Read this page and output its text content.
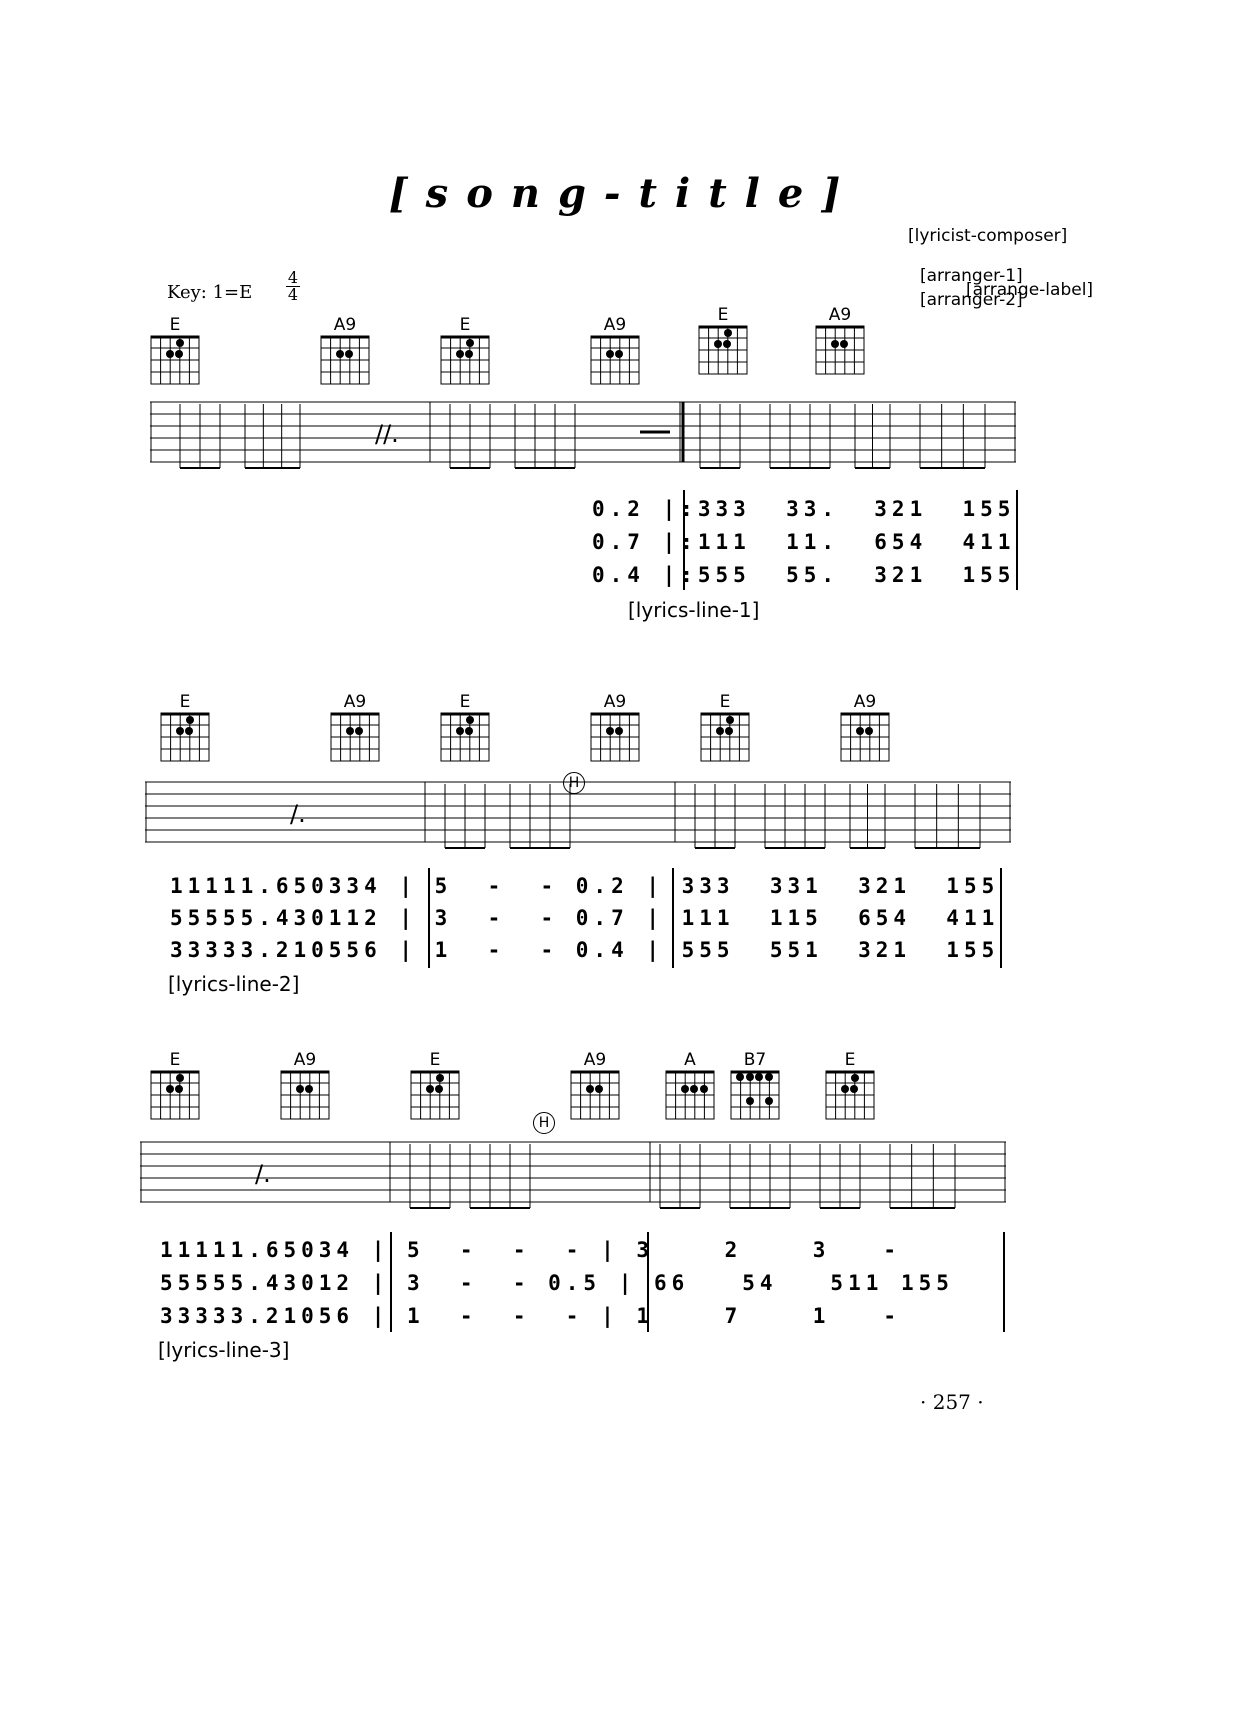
[song-title]
[lyricist-composer]
[arranger-1]
[arranger-2]
[arrange-label]
Key: $1=E \frac{4}{4}$
E	A9	E	A9	E	A9
//.
0.2 |:333  33.  321  155
0.7 |:111  11.  654  411
0.4 |:555  55.  321  155
[lyrics-line-1]
E	A9	E	A9	E	A9
H
/.
11111.650334 | 5  -  - 0.2 | 333  331  321  155
55555.430112 | 3  -  - 0.7 | 111  115  654  411
33333.210556 | 1  -  - 0.4 | 555  551  321  155
[lyrics-line-2]
E	A9	E	A9	A	B7	E
H
/.
11111.65034 | 5  -  -  - | 3    2    3   -
55555.43012 | 3  -  - 0.5 | 66   54   511 155
33333.21056 | 1  -  -  - | 1    7    1   -
[lyrics-line-3]
· 257 ·
